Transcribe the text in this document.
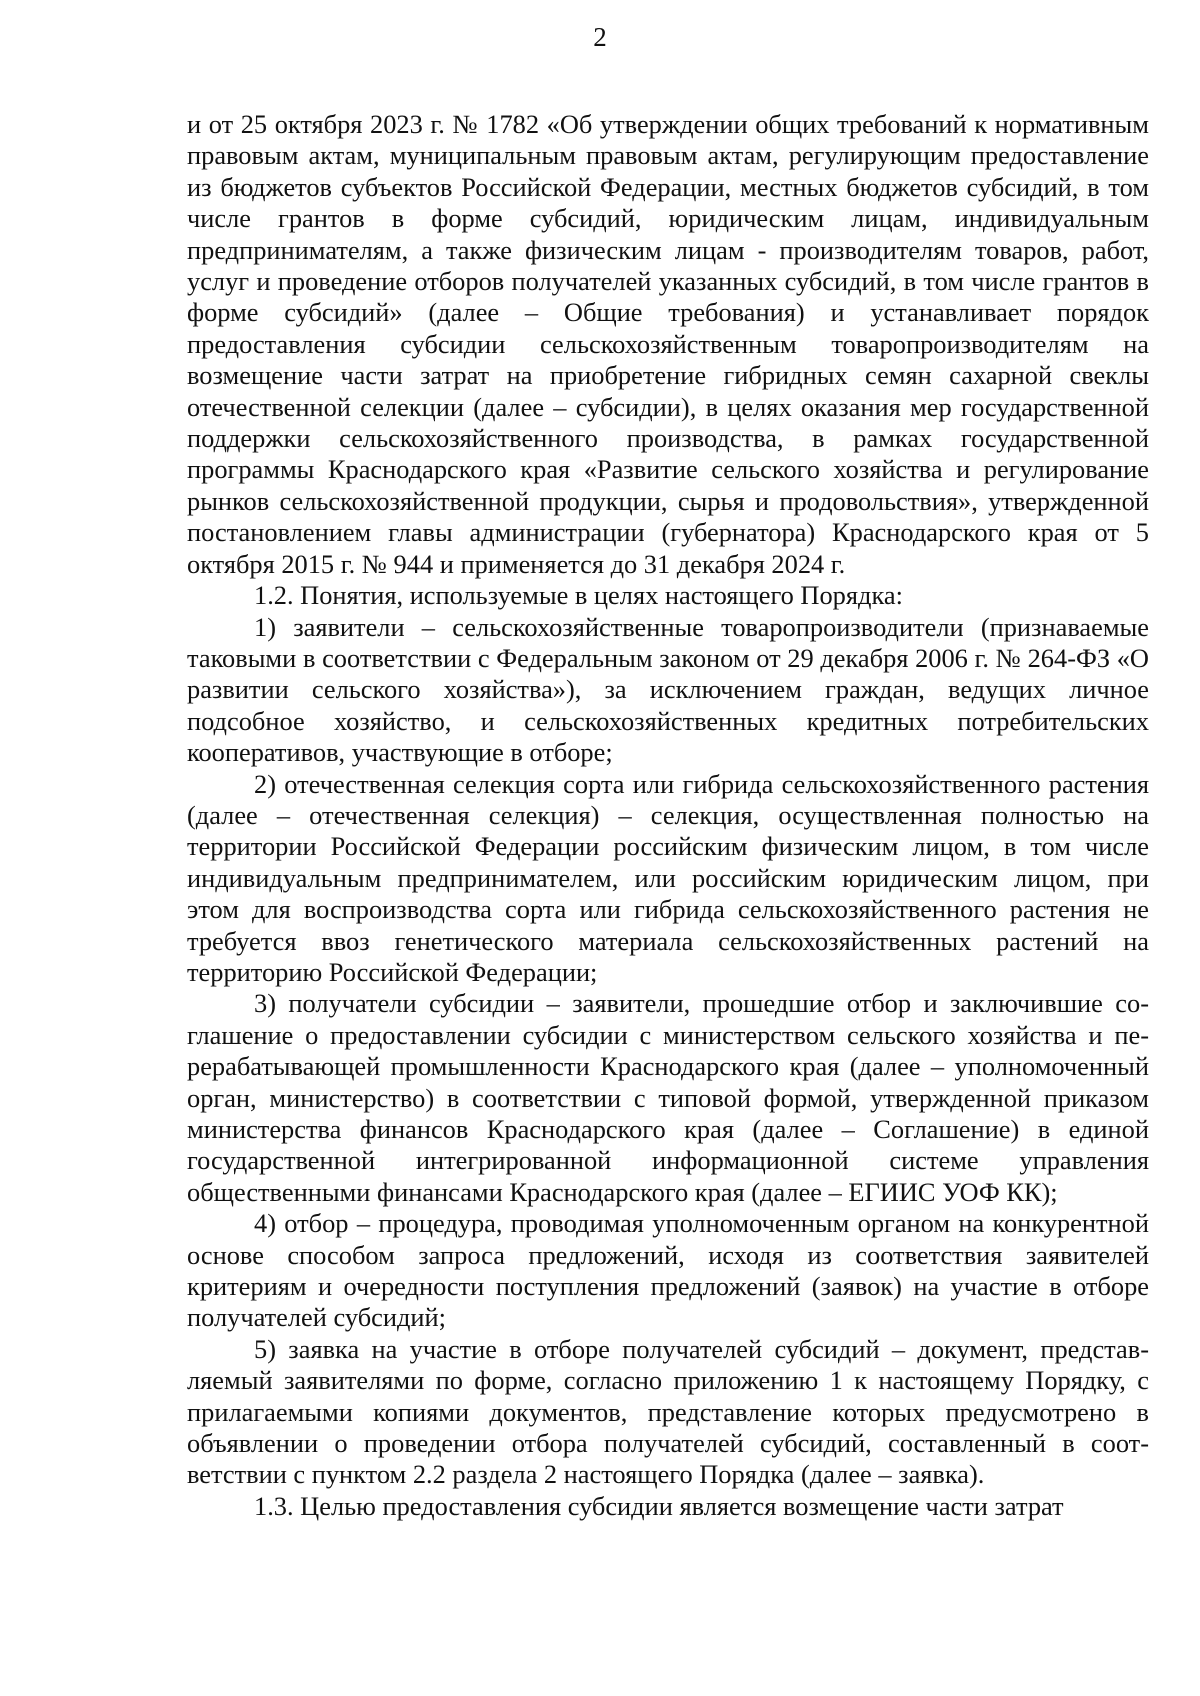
2

и от 25 октября 2023 г. № 1782 «Об утверждении общих требований к нормативным правовым актам, муниципальным правовым актам, регулирующим предоставление из бюджетов субъектов Российской Федерации, местных бюджетов субсидий, в том числе грантов в форме субсидий, юридическим лицам, индивидуальным предпринимателям, а также физическим лицам - производителям товаров, работ, услуг и проведение отборов получателей указанных субсидий, в том числе грантов в форме субсидий» (далее – Общие требования) и устанавливает порядок предоставления субсидии сельскохозяйственным товаропроизводителям на возмещение части затрат на приобретение гибридных семян сахарной свеклы отечественной селекции (далее – субсидии), в целях оказания мер государственной поддержки сельскохозяйственного производства, в рамках государственной программы Краснодарского края «Развитие сельского хозяйства и регулирование рынков сельскохозяйственной продукции, сырья и продовольствия», утвержденной постановлением главы администрации (губернатора) Краснодарского края от 5 октября 2015 г. № 944 и применяется до 31 декабря 2024 г.

1.2. Понятия, используемые в целях настоящего Порядка:

1) заявители – сельскохозяйственные товаропроизводители (признаваемые таковыми в соответствии с Федеральным законом от 29 декабря 2006 г. № 264-ФЗ «О развитии сельского хозяйства»), за исключением граждан, ведущих личное подсобное хозяйство, и сельскохозяйственных кредитных потребительских кооперативов, участвующие в отборе;

2) отечественная селекция сорта или гибрида сельскохозяйственного растения (далее – отечественная селекция) – селекция, осуществленная полностью на территории Российской Федерации российским физическим лицом, в том числе индивидуальным предпринимателем, или российским юридическим лицом, при этом для воспроизводства сорта или гибрида сельскохозяйственного растения не требуется ввоз генетического материала сельскохозяйственных растений на территорию Российской Федерации;

3) получатели субсидии – заявители, прошедшие отбор и заключившие соглашение о предоставлении субсидии с министерством сельского хозяйства и перерабатывающей промышленности Краснодарского края (далее – уполномоченный орган, министерство) в соответствии с типовой формой, утвержденной приказом министерства финансов Краснодарского края (далее – Соглашение) в единой государственной интегрированной информационной системе управления общественными финансами Краснодарского края (далее – ЕГИИС УОФ КК);

4) отбор – процедура, проводимая уполномоченным органом на конкурентной основе способом запроса предложений, исходя из соответствия заявителей критериям и очередности поступления предложений (заявок) на участие в отборе получателей субсидий;

5) заявка на участие в отборе получателей субсидий – документ, представляемый заявителями по форме, согласно приложению 1 к настоящему Порядку, с прилагаемыми копиями документов, представление которых предусмотрено в объявлении о проведении отбора получателей субсидий, составленный в соответствии с пунктом 2.2 раздела 2 настоящего Порядка (далее – заявка).

1.3. Целью предоставления субсидии является возмещение части затрат
